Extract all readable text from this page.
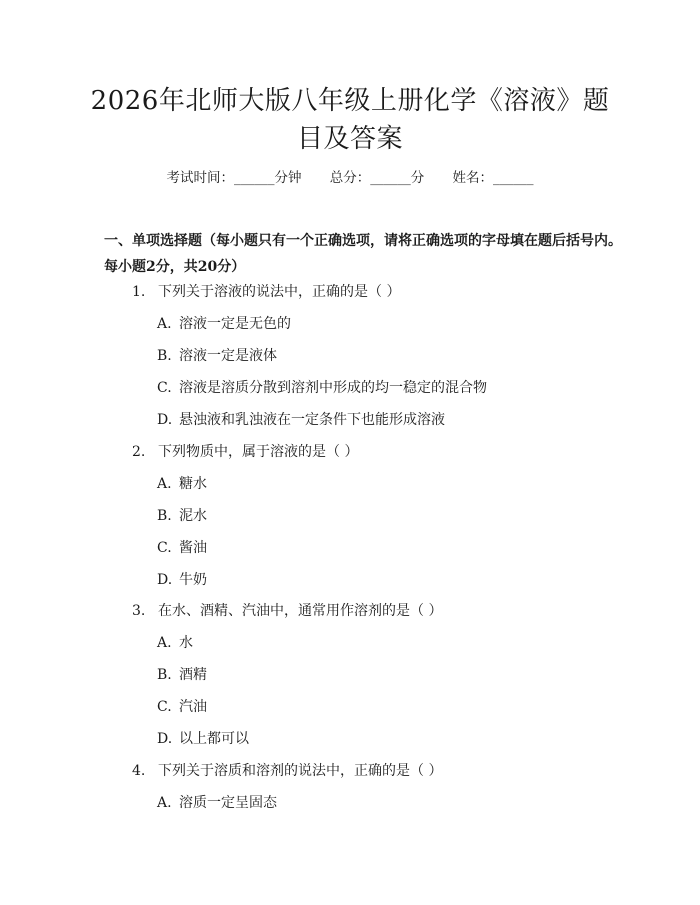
2026年北师大版八年级上册化学《溶液》题目及答案
考试时间：______分钟 总分：______分 姓名：______
一、单项选择题（每小题只有一个正确选项，请将正确选项的字母填在题后括号内。每小题2分，共20分）
1. 下列关于溶液的说法中，正确的是（ ）
A. 溶液一定是无色的
B. 溶液一定是液体
C. 溶液是溶质分散到溶剂中形成的均一稳定的混合物
D. 悬浊液和乳浊液在一定条件下也能形成溶液
2. 下列物质中，属于溶液的是（ ）
A. 糖水
B. 泥水
C. 酱油
D. 牛奶
3. 在水、酒精、汽油中，通常用作溶剂的是（ ）
A. 水
B. 酒精
C. 汽油
D. 以上都可以
4. 下列关于溶质和溶剂的说法中，正确的是（ ）
A. 溶质一定呈固态
